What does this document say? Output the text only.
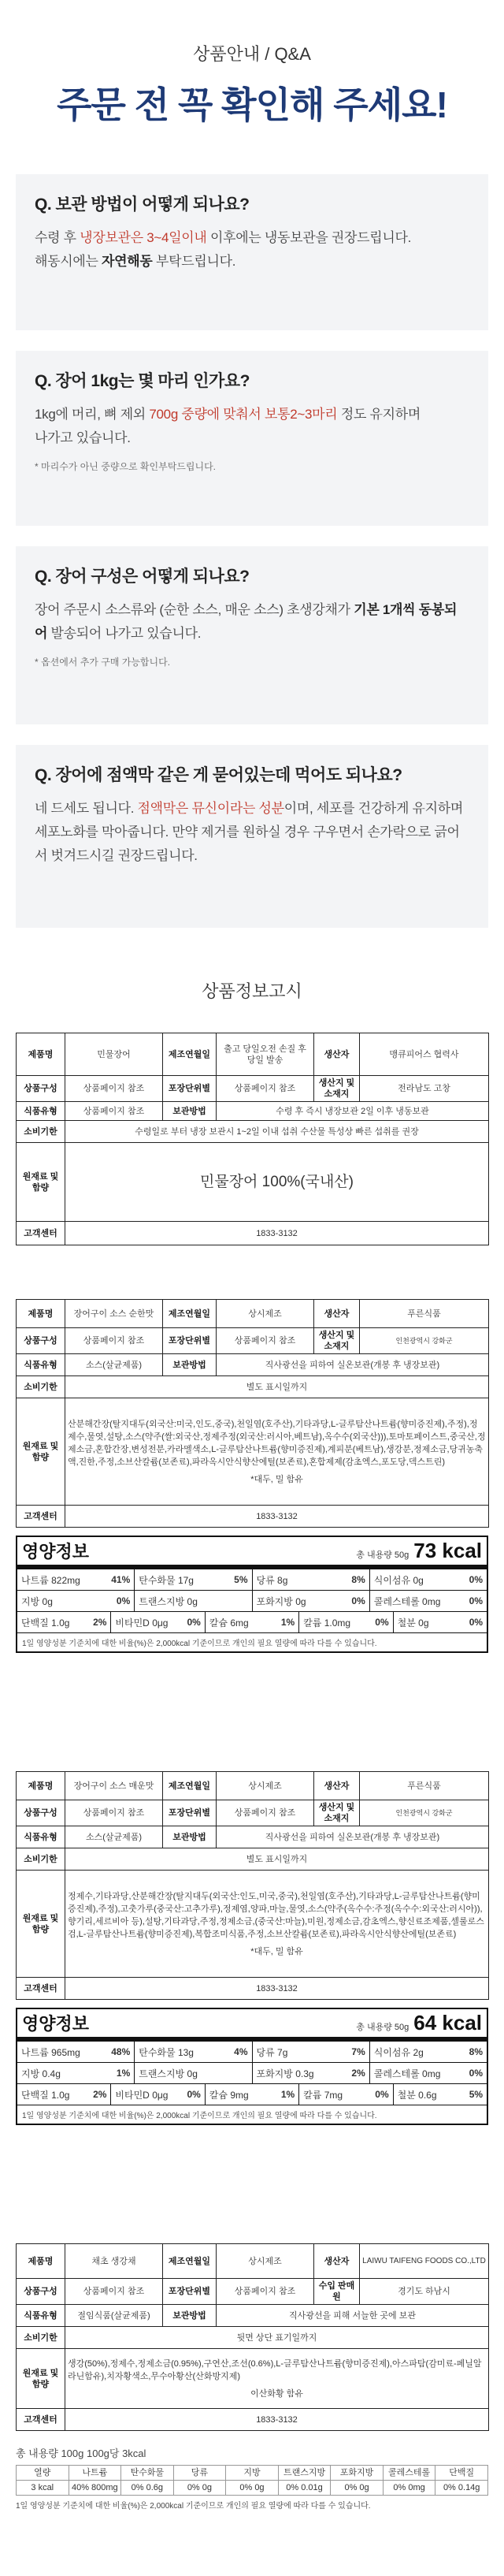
상품안내 / Q&A
주문 전 꼭 확인해 주세요!
Q. 보관 방법이 어떻게 되나요?
수령 후 냉장보관은 3~4일이내 이후에는 냉동보관을 권장드립니다.
해동시에는 자연해동 부탁드립니다.
Q. 장어 1kg는 몇 마리 인가요?
1kg에 머리, 뼈 제외 700g 중량에 맞춰서 보통2~3마리 정도 유지하며
나가고 있습니다.
* 마리수가 아닌 중량으로 확인부탁드립니다.
Q. 장어 구성은 어떻게 되나요?
장어 주문시 소스류와 (순한 소스, 매운 소스) 초생강채가 기본 1개씩 동봉되어 발송되어 나가고 있습니다.
* 옵션에서 추가 구매 가능합니다.
Q. 장어에 점액막 같은 게 묻어있는데 먹어도 되나요?
네 드세도 됩니다. 점액막은 뮤신이라는 성분이며, 세포를 건강하게 유지하며 세포노화를 막아줍니다. 만약 제거를 원하실 경우 구우면서 손가락으로 긁어서 벗겨드시길 권장드립니다.
상품정보고시
제품명	민물장어	제조연월일	출고 당일오전 손질 후 당일 발송	생산자	맹큐피어스 협력사
상품구성	상품페이지 참조	포장단위별	상품페이지 참조	생산지 및 소재지	전라남도 고창
식품유형	상품페이지 참조	보관방법	수령 후 즉시 냉장보관 2일 이후 냉동보관		
소비기한	수령일로 부터 냉장 보관시 1~2일 이내 섭취 수산물 특성상 빠른 섭취를 권장				
원재료 및 함량	민물장어 100%(국내산)				
고객센터	1833-3132				
제품명	장어구이 소스 순한맛	제조연월일	상시제조	생산자	푸른식품
상품구성	상품페이지 참조	포장단위별	상품페이지 참조	생산지 및 소재지	인천광역시 강화군
식품유형	소스(살균제품)	보관방법	직사광선을 피하여 실온보관(개봉 후 냉장보관)		
소비기한	별도 표시일까지				
원재료 및 함량	산분해간장(탈지대두(외국산:미국,인도,중국),천일염(호주산),기타과당,L-글루탐산나트륨(향미증진제),주정),정제수,물엿,설탕,소스(약주(쌀:외국산,정제주정(외국산:러시아,베트남),옥수수(외국산))),토마토페이스트,중국산,정제소금,혼합간장,변성전분,카라멜색소,L-글루탐산나트륨(향미증진제),계피분(베트남),생강분,정제소금,당귀농축액,진한,주정,소브산칼륨(보존료),파라옥시안식향산에틸(보존료),혼합제제(감초엑스,포도당,덱스트린)
*대두, 밀 함유				

고객센터	1833-3132				
영양정보	총 내용량 50g 73 kcal
나트륨 822mg	41% 탄수화물 17g	5% 당류 8g	8% 식이섬유 0g	0%
지방 0g	0% 트랜스지방 0g	포화지방 0g	0% 콜레스테롤 0mg	0%
단백질 1.0g 2% 비타민D 0μg 0% 칼슘 6mg	1% 칼륨 1.0mg	0% 철분 0g	0%
1일 영양성분 기준치에 대한 비율(%)은 2,000kcal 기준이므로 개인의 필요 열량에 따라 다를 수 있습니다.
제품명	장어구이 소스 매운맛	제조연월일	상시제조	생산자	푸른식품
상품구성	상품페이지 참조	포장단위별	상품페이지 참조	생산지 및 소재지	인천광역시 강화군
식품유형	소스(살균제품)	보관방법	직사광선을 피하여 실온보관(개봉 후 냉장보관)		
소비기한	별도 표시일까지				
원재료 및 함량	정제수,기타과당,산분해간장(탈지대두(외국산:인도,미국,중국),천일염(호주산),기타과당,L-글루탐산나트륨(향미증진제),주정),고춧가루(중국산:고추가루),정제염,양파,마늘,물엿,소스(약주(옥수수:주정(옥수수:외국산:러시아)),향기리,세르비아 등),설탕,기타과당,주정,정제소금,(중국산:마늘),미원,정제소금,감초엑스,향신료조제품,셀룰로스검,L-글루탐산나트륨(향미증진제),복합조미식품,주정,소브산칼륨(보존료),파라옥시안식향산에틸(보존료)
*대두, 밀 함유				

고객센터	1833-3132				
영양정보	총 내용량 50g 64 kcal
나트륨 965mg	48% 탄수화물 13g	4% 당류 7g	7% 식이섬유 2g	8%
지방 0.4g	1% 트랜스지방 0g	포화지방 0.3g	2% 콜레스테롤 0mg	0%
단백질 1.0g 2% 비타민D 0μg 0% 칼슘 9mg	1% 칼륨 7mg	0% 철분 0.6g	5%
1일 영양성분 기준치에 대한 비율(%)은 2,000kcal 기준이므로 개인의 필요 열량에 따라 다를 수 있습니다.
제품명	채초 생강채	제조연월일	상시제조	생산자	LAIWU TAIFENG FOODS CO.,LTD
상품구성	상품페이지 참조	포장단위별	상품페이지 참조	수입 판매원	경기도 하남시
식품유형	절임식품(살균제품)	보관방법	직사광선을 피해 서늘한 곳에 보관		
소비기한	뒷면 상단 표기일까지				
원재료 및 함량	생강(50%),정제수,정제소금(0.95%),구연산,조선(0.6%),L-글루탐산나트륨(향미증진제),아스파탐(감미료-페닐알라닌함유),치자황색소,무수아황산(산화방지제)
이산화황 함유				

고객센터	1833-3132				
총 내용량 100g 100g당 3kcal
열량	나트륨	탄수화물	당류	지방	트랜스지방	포화지방	콜레스테롤	단백질
3 kcal	40% 800mg	0% 0.6g	0% 0g	0% 0g	0% 0.01g	0% 0g	0% 0mg	0% 0.14g
1일 영양성분 기준치에 대한 비율(%)은 2,000kcal 기준이므로 개인의 필요 열량에 따라 다를 수 있습니다.
